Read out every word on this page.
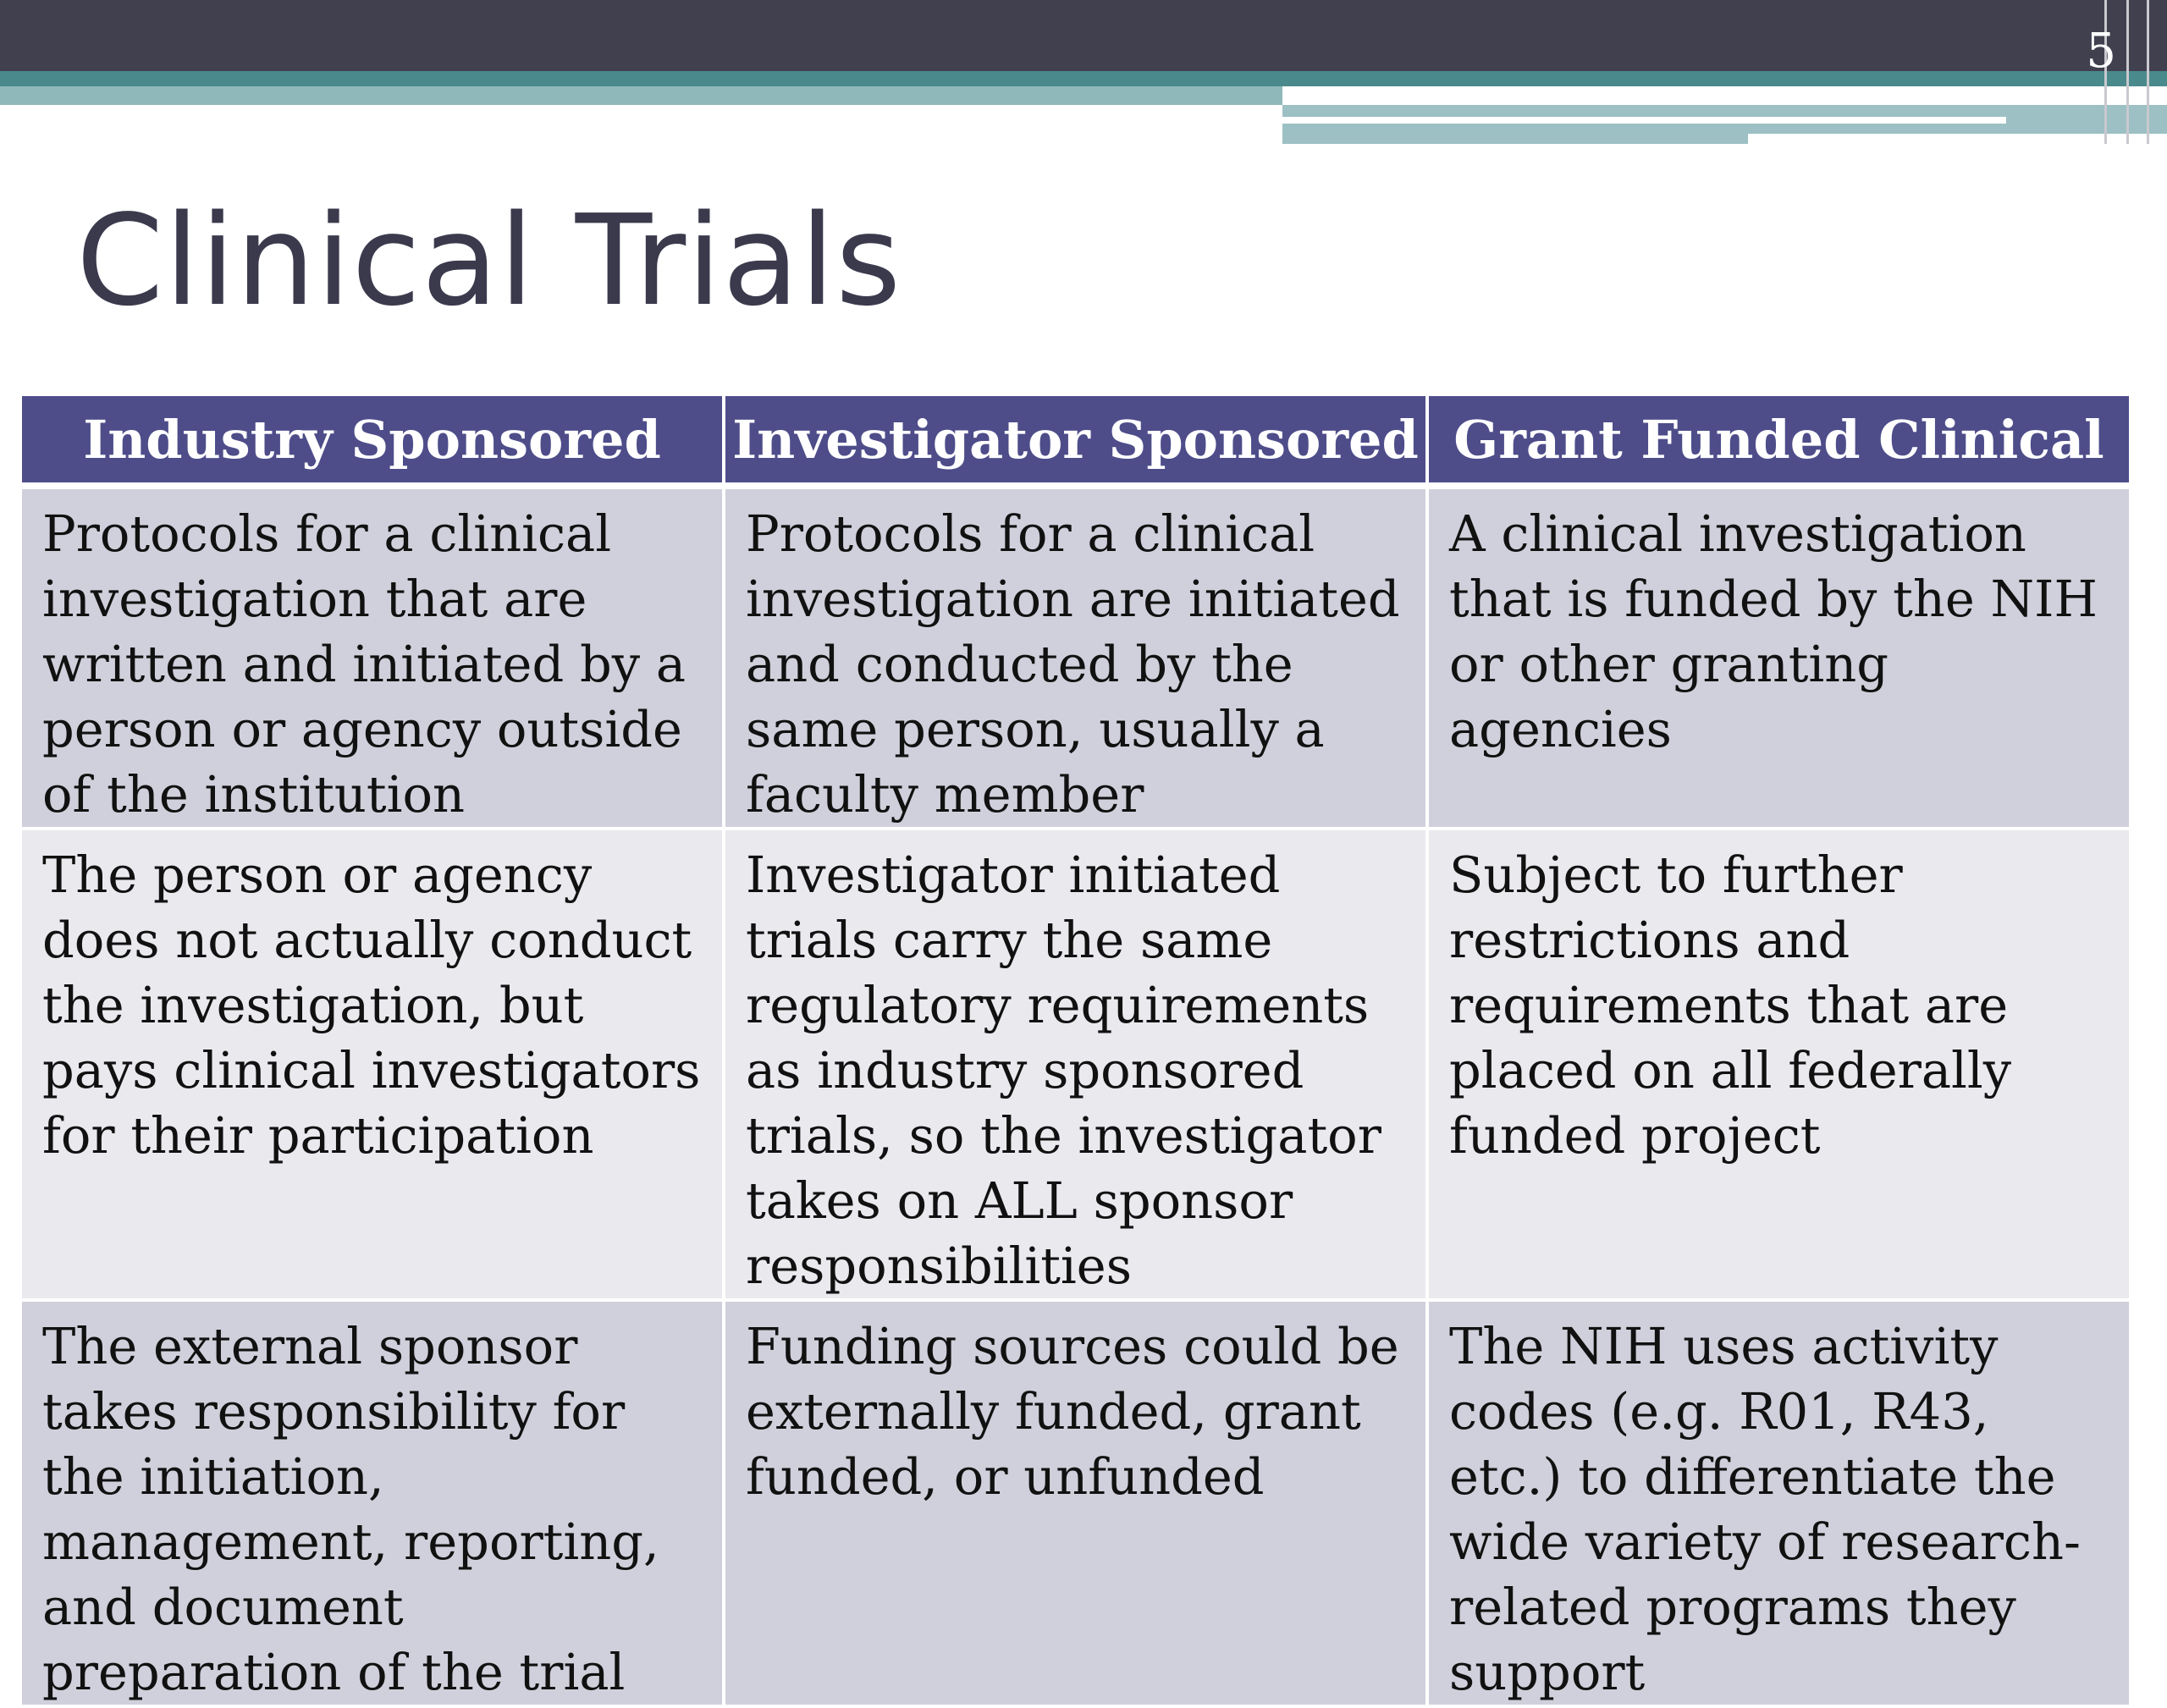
5
Clinical Trials
Industry Sponsored	Investigator Sponsored	Grant Funded Clinical
Protocols for a clinical investigation that are written and initiated by a person or agency outside of the institution	Protocols for a clinical investigation are initiated and conducted by the same person, usually a faculty member	A clinical investigation that is funded by the NIH or other granting agencies
The person or agency does not actually conduct the investigation, but pays clinical investigators for their participation	Investigator initiated trials carry the same regulatory requirements as industry sponsored trials, so the investigator takes on ALL sponsor responsibilities	Subject to further restrictions and requirements that are placed on all federally funded project
The external sponsor takes responsibility for the initiation, management, reporting, and document preparation of the trial	Funding sources could be externally funded, grant funded, or unfunded	The NIH uses activity codes (e.g. R01, R43, etc.) to differentiate the wide variety of research-related programs they support
